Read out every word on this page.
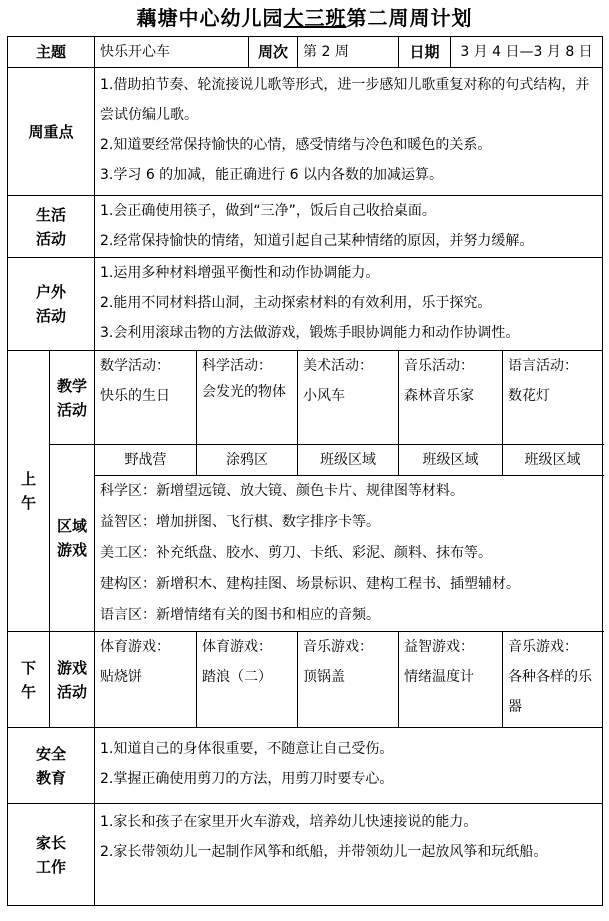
藕塘中心幼儿园大三班第二周周计划
主题		快乐开心车		周次	第 2 周	日期	3 月 4 日—3 月 8 日	
周重点		1.借助拍节奏、轮流接说儿歌等形式，进一步感知儿歌重复对称的句式结构，并尝试仿编儿歌。
2.知道要经常保持愉快的心情，感受情绪与冷色和暖色的关系。
3.学习 6 的加减，能正确进行 6 以内各数的加减运算。						

生活
活动		1.会正确使用筷子，做到“三净”，饭后自己收拾桌面。
2.经常保持愉快的情绪，知道引起自己某种情绪的原因，并努力缓解。						

户外
活动		1.运用多种材料增强平衡性和动作协调能力。
2.能用不同材料搭山洞，主动探索材料的有效利用，乐于探究。
3.会利用滚球击物的方法做游戏，锻炼手眼协调能力和动作协调性。						

上
午	教学
活动	数学活动：
快乐的生日	科学活动：
会发光的物体		美术活动：
小风车	音乐活动：
森林音乐家		语言活动：
数花灯

	区域
游戏	野战营	涂鸦区		班级区域	班级区域		班级区域

		科学区：新增望远镜、放大镜、颜色卡片、规律图等材料。
益智区：增加拼图、飞行棋、数字排序卡等。
美工区：补充纸盘、胶水、剪刀、卡纸、彩泥、颜料、抹布等。
建构区：新增积木、建构挂图、场景标识、建构工程书、插塑辅材。
语言区：新增情绪有关的图书和相应的音频。						

下
午	游戏
活动	体育游戏：
贴烧饼	体育游戏：
踏浪（二）		音乐游戏：
顶锅盖	益智游戏：
情绪温度计		音乐游戏：
各种各样的乐器

安全
教育		1.知道自己的身体很重要，不随意让自己受伤。
2.掌握正确使用剪刀的方法，用剪刀时要专心。						

家长
工作		1.家长和孩子在家里开火车游戏，培养幼儿快速接说的能力。
2.家长带领幼儿一起制作风筝和纸船，并带领幼儿一起放风筝和玩纸船。						
